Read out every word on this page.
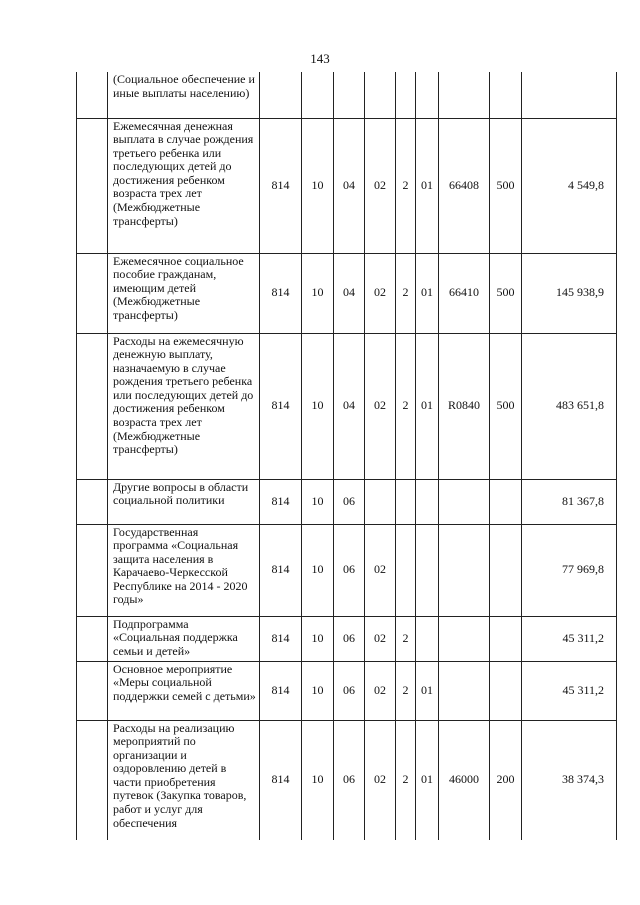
143
	(Социальное обеспечение и иные выплаты населению)									
	Ежемесячная денежная выплата в случае рождения третьего ребенка или последующих детей до достижения ребенком возраста трех лет (Межбюджетные трансферты)	814	10	04	02	2	01	66408	500	4 549,8
	Ежемесячное социальное пособие гражданам, имеющим детей (Межбюджетные трансферты)	814	10	04	02	2	01	66410	500	145 938,9
	Расходы на ежемесячную денежную выплату, назначаемую в случае рождения третьего ребенка или последующих детей до достижения ребенком возраста трех лет (Межбюджетные трансферты)	814	10	04	02	2	01	R0840	500	483 651,8
	Другие вопросы в области социальной политики	814	10	06						81 367,8
	Государственная программа «Социальная защита населения в Карачаево-Черкесской Республике на 2014 - 2020 годы»	814	10	06	02					77 969,8
	Подпрограмма «Социальная поддержка семьи и детей»	814	10	06	02	2				45 311,2
	Основное мероприятие «Меры социальной поддержки семей с детьми»	814	10	06	02	2	01			45 311,2
	Расходы на реализацию мероприятий по организации и оздоровлению детей в части приобретения путевок (Закупка товаров, работ и услуг для обеспечения	814	10	06	02	2	01	46000	200	38 374,3
